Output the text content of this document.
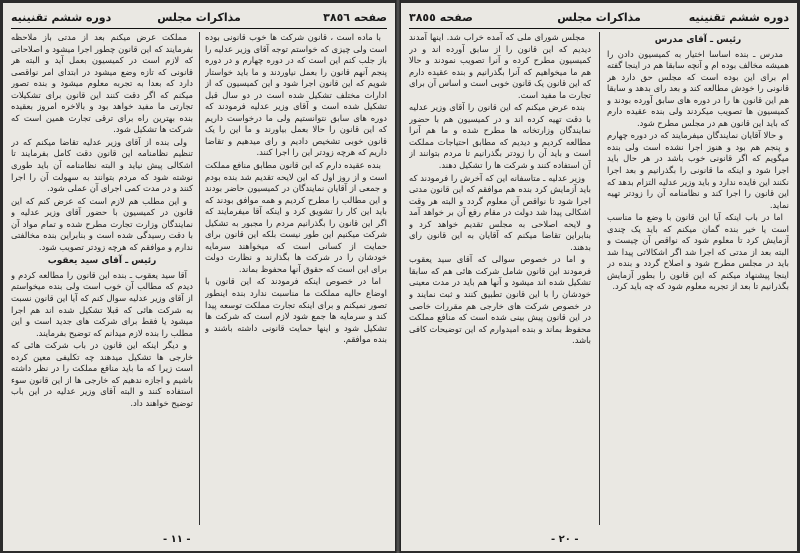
صفحه ٣٨٥٦
مذاکرات مجلس
دوره ششم تقنینیه

با ماده است ، قانون شرکت ها خوب قانونی بوده است ولی چیزی که خواستم توجه آقای وزیر عدلیه را باز جلب کنم این است که در دوره چهارم و در دوره پنجم آنهم قانون را بعمل نیاوردند و ما باید خواستار شویم که این قانون اجرا شود و این کمیسیون که از ادارات مختلف تشکیل شده است در دو سال قبل تشکیل شده است و آقای وزیر عدلیه فرمودند که دوره های سابق نتوانستیم ولی ما درخواست داریم که این قانون را حالا بعمل بیاورند و ما این را یک قانون خوبی تشخیص دادیم و رای میدهیم و تقاضا داریم که هرچه زودتر این را اجرا کنند.

بنده عقیده دارم که این قانون مطابق منافع مملکت است و از روز اول که این لایحه تقدیم شد بنده بودم و جمعی از آقایان نمایندگان در کمیسیون حاضر بودند و این مطالب را مطرح کردیم و همه موافق بودند که باید این کار را تشویق کرد و اینکه آقا میفرمایند که اگر این قانون را بگذرانیم مردم را مجبور به تشکیل شرکت میکنیم این طور نیست بلکه این قانون برای حمایت از کسانی است که میخواهند سرمایه خودشان را در شرکت ها بگذارند و نظارت دولت برای این است که حقوق آنها محفوظ بماند.

اما در خصوص اینکه فرمودند که این قانون با اوضاع حالیه مملکت ما مناسبت ندارد بنده اینطور تصور نمیکنم و برای اینکه تجارت مملکت توسعه پیدا کند و سرمایه ها جمع شود لازم است که شرکت ها تشکیل شود و اینها حمایت قانونی داشته باشند و بنده موافقم.

مملکت عرض میکنم بعد از مدتی باز ملاحظه بفرمایند که این قانون چطور اجرا میشود و اصلاحاتی که لازم است در کمیسیون بعمل آید و البته هر قانونی که تازه وضع میشود در ابتدای امر نواقصی دارد که بعدا به تجربه معلوم میشود و بنده تصور میکنم که اگر دقت کنند این قانون برای تشکیلات تجارتی ما مفید خواهد بود و بالاخره امروز بعقیده بنده بهترین راه برای ترقی تجارت همین است که شرکت ها تشکیل شود.

ولی بنده از آقای وزیر عدلیه تقاضا میکنم که در تنظیم نظامنامه این قانون دقت کامل بفرمایند تا اشکالی پیش نیاید و البته نظامنامه آن باید طوری نوشته شود که مردم بتوانند به سهولت آن را اجرا کنند و در مدت کمی اجرای آن عملی شود.

و این مطلب هم لازم است که عرض کنم که این قانون در کمیسیون با حضور آقای وزیر عدلیه و نمایندگان وزارت تجارت مطرح شده و تمام مواد آن با دقت رسیدگی شده است و بنابراین بنده مخالفتی ندارم و موافقم که هرچه زودتر تصویب شود.

رئیس ـ آقای سید یعقوب

آقا سید یعقوب ـ بنده این قانون را مطالعه کردم و دیدم که مطالب آن خوب است ولی بنده میخواستم از آقای وزیر عدلیه سوال کنم که آیا این قانون نسبت به شرکت هائی که قبلا تشکیل شده اند هم اجرا میشود یا فقط برای شرکت های جدید است و این مطلب را بنده لازم میدانم که توضیح بفرمایند.

و دیگر اینکه این قانون در باب شرکت هائی که خارجی ها تشکیل میدهند چه تکلیفی معین کرده است زیرا که ما باید منافع مملکت را در نظر داشته باشیم و اجازه ندهیم که خارجی ها از این قانون سوء استفاده کنند و البته آقای وزیر عدلیه در این باب توضیح خواهند داد.

- ١١ -
دوره ششم تقنینیه
مذاکرات مجلس
صفحه ٣٨٥٥
رئیس ـ آقای مدرس

مدرس ـ بنده اساسا اختیار به کمیسیون دادن را همیشه مخالف بوده ام و آنچه سابقا هم در اینجا گفته ام برای این بوده است که مجلس حق دارد هر قانونی را خودش مطالعه کند و بعد رای بدهد و سابقا هم این قانون ها را در دوره های سابق آورده بودند و کمیسیون ها تصویب میکردند ولی بنده عقیده دارم که باید این قانون هم در مجلس مطرح شود.

و حالا آقایان نمایندگان میفرمایند که در دوره چهارم و پنجم هم بود و هنوز اجرا نشده است ولی بنده میگویم که اگر قانونی خوب باشد در هر حال باید اجرا شود و اینکه ما قانونی را بگذرانیم و بعد اجرا نکنند این فایده ندارد و باید وزیر عدلیه التزام بدهد که این قانون را اجرا کند و نظامنامه آن را زودتر تهیه نماید.

اما در باب اینکه آیا این قانون با وضع ما مناسب است یا خیر بنده گمان میکنم که باید یک چندی آزمایش کرد تا معلوم شود که نواقص آن چیست و البته بعد از مدتی که اجرا شد اگر اشکالاتی پیدا شد باید در مجلس مطرح شود و اصلاح گردد و بنده در اینجا پیشنهاد میکنم که این قانون را بطور آزمایش بگذرانیم تا بعد از تجربه معلوم شود که چه باید کرد.

مجلس شورای ملی که آمده خراب شد. اینها آمدند دیدیم که این قانون را از سابق آورده اند و در کمیسیون مطرح کرده و آنرا تصویب نمودند و حالا هم ما میخواهیم که آنرا بگذرانیم و بنده عقیده دارم که این قانون یک قانون خوبی است و اساس آن برای تجارت ما مفید است.

بنده عرض میکنم که این قانون را آقای وزیر عدلیه با دقت تهیه کرده اند و در کمیسیون هم با حضور نمایندگان وزارتخانه ها مطرح شده و ما هم آنرا مطالعه کردیم و دیدیم که مطابق احتیاجات مملکت است و باید آن را زودتر بگذرانیم تا مردم بتوانند از آن استفاده کنند و شرکت ها را تشکیل دهند.

وزیر عدلیه ـ متاسفانه این که آخرش را فرمودند که باید آزمایش کرد بنده هم موافقم که این قانون مدتی اجرا شود تا نواقص آن معلوم گردد و البته هر وقت اشکالی پیدا شد دولت در مقام رفع آن بر خواهد آمد و لایحه اصلاحی به مجلس تقدیم خواهد کرد و بنابراین تقاضا میکنم که آقایان به این قانون رای بدهند.

و اما در خصوص سوالی که آقای سید یعقوب فرمودند این قانون شامل شرکت هائی هم که سابقا تشکیل شده اند میشود و آنها هم باید در مدت معینی خودشان را با این قانون تطبیق کنند و ثبت نمایند و در خصوص شرکت های خارجی هم مقررات خاصی در این قانون پیش بینی شده است که منافع مملکت محفوظ بماند و بنده امیدوارم که این توضیحات کافی باشد.

- ٢٠ -
